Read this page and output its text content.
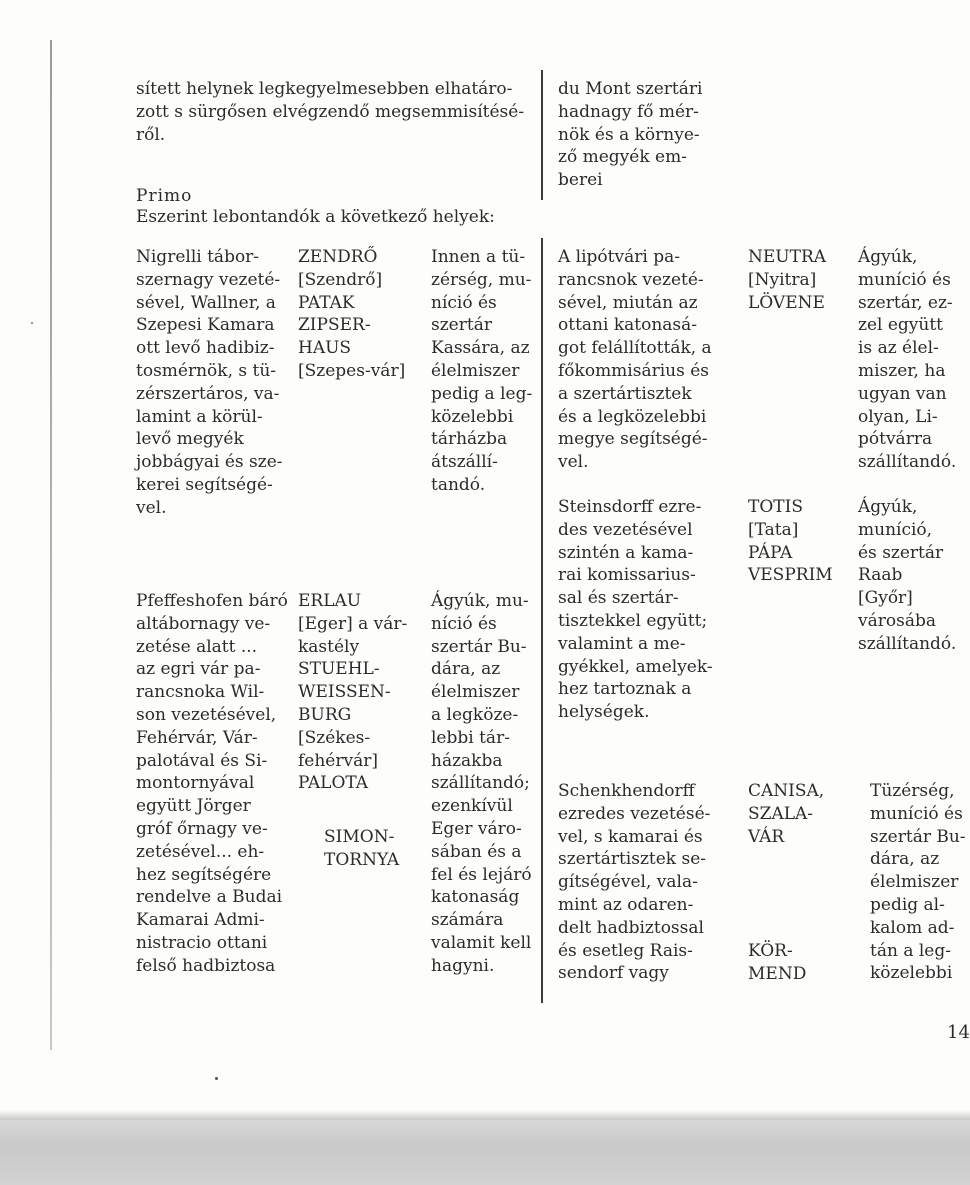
sített helynek legkegyelmesebben elhatáro-
zott s sürgősen elvégzendő megsemmisítésé-
ről.

Primo

Eszerint lebontandók a következő helyek:

du Mont szertári
hadnagy fő mér-
nök és a környe-
ző megyék em-
berei

Nigrelli tábor-
szernagy vezeté-
sével, Wallner, a
Szepesi Kamara
ott levő hadibiz-
tosmérnök, s tü-
zérszertáros, va-
lamint a körül-
levő megyék
jobbágyai és sze-
kerei segítségé-
vel.

ZENDRŐ
[Szendrő]
PATAK
ZIPSER-
HAUS
[Szepes-vár]

Innen a tü-
zérség, mu-
níció és
szertár
Kassára, az
élelmiszer
pedig a leg-
közelebbi
tárházba
átszállí-
tandó.

Pfeffeshofen báró
altábornagy ve-
zetése alatt ...
az egri vár pa-
rancsnoka Wil-
son vezetésével,
Fehérvár, Vár-
palotával és Si-
montornyával
együtt Jörger
gróf őrnagy ve-
zetésével... eh-
hez segítségére
rendelve a Budai
Kamarai Admi-
nistracio ottani
felső hadbiztosa

ERLAU
[Eger] a vár-
kastély
STUEHL-
WEISSEN-
BURG
[Székes-
fehérvár]
PALOTA

SIMON-
TORNYA

Ágyúk, mu-
níció és
szertár Bu-
dára, az
élelmiszer
a legköze-
lebbi tár-
házakba
szállítandó;
ezenkívül
Eger váro-
sában és a
fel és lejáró
katonaság
számára
valamit kell
hagyni.

A lipótvári pa-
rancsnok vezeté-
sével, miután az
ottani katonasá-
got felállították, a
főkommisárius és
a szertártisztek
és a legközelebbi
megye segítségé-
vel.

NEUTRA
[Nyitra]
LÖVENE

Ágyúk,
muníció és
szertár, ez-
zel együtt
is az élel-
miszer, ha
ugyan van
olyan, Li-
pótvárra
szállítandó.

Steinsdorff ezre-
des vezetésével
szintén a kama-
rai komissarius-
sal és szertár-
tisztekkel együtt;
valamint a me-
gyékkel, amelyek-
hez tartoznak a
helységek.

TOTIS
[Tata]
PÁPA
VESPRIM

Ágyúk,
muníció,
és szertár
Raab
[Győr]
városába
szállítandó.

Schenkhendorff
ezredes vezetésé-
vel, s kamarai és
szertártisztek se-
gítségével, vala-
mint az odaren-
delt hadbiztossal
és esetleg Rais-
sendorf vagy

CANISA,
SZALA-
VÁR

KÖR-
MEND

Tüzérség,
muníció és
szertár Bu-
dára, az
élelmiszer
pedig al-
kalom ad-
tán a leg-
közelebbi

14
